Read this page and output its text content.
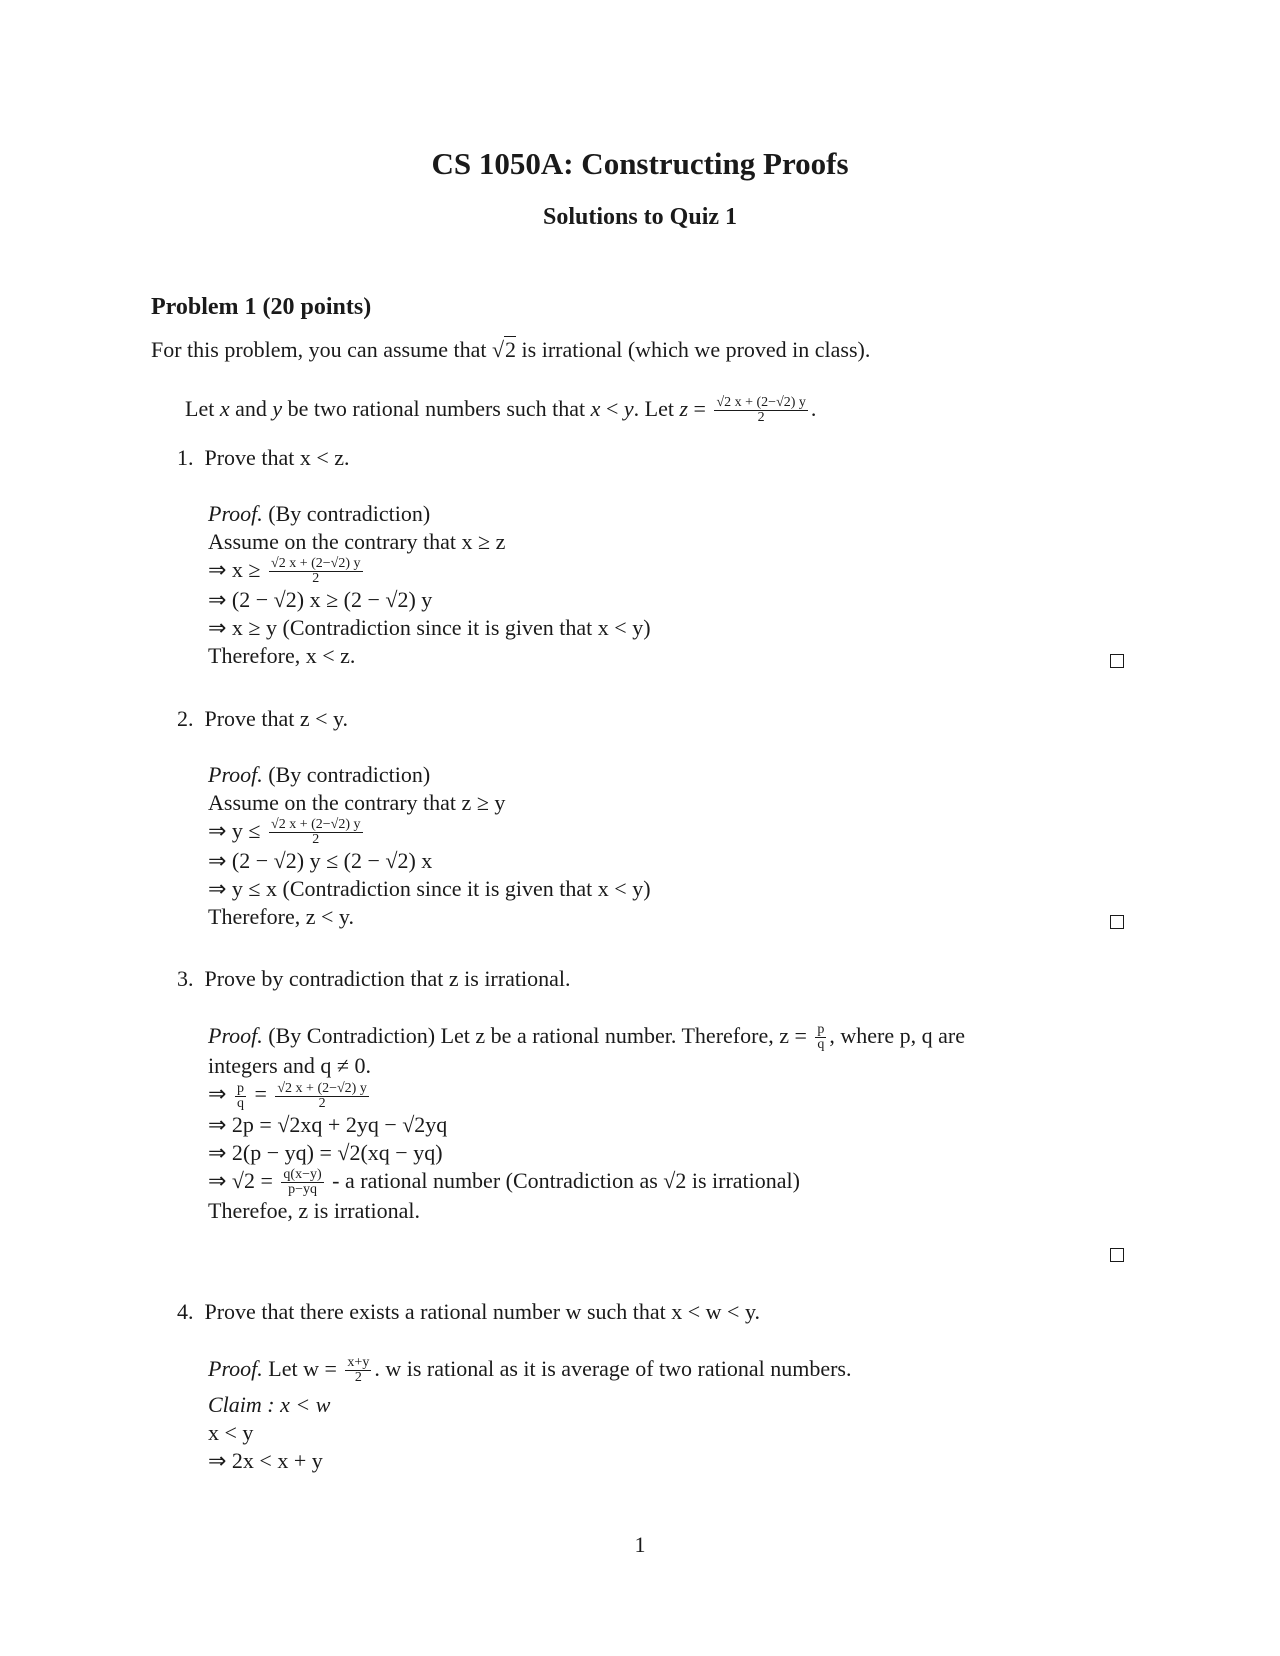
CS 1050A: Constructing Proofs
Solutions to Quiz 1
Problem 1 (20 points)
For this problem, you can assume that √2 is irrational (which we proved in class).
Let x and y be two rational numbers such that x < y. Let $z = \frac{√2 x + (2-√2) y}{2}$ .
1. Prove that x < z.
Proof. (By contradiction)
Assume on the contrary that x ≥ z
⇒ $x \ge \frac{√2 x + (2-√2) y}{2}$
⇒ (2 − √2) x ≥ (2 − √2) y
⇒ x ≥ y (Contradiction since it is given that x < y)
Therefore, x < z.
2. Prove that z < y.
Proof. (By contradiction)
Assume on the contrary that z ≥ y
⇒ $y \le \frac{√2 x + (2-√2) y}{2}$
⇒ (2 − √2) y ≤ (2 − √2) x
⇒ y ≤ x (Contradiction since it is given that x < y)
Therefore, z < y.
3. Prove by contradiction that z is irrational.
Proof. (By Contradiction) Let z be a rational number. Therefore, $z = \frac{p}{q}$ , where p, q are
integers and q ≠ 0.
⇒ $\frac{p}{q} = \frac{√2 x + (2-√2) y}{2}$
⇒ 2p = √2xq + 2yq − √2yq
⇒ 2(p − yq) = √2(xq − yq)
⇒ $√2 = \frac{q(x-y)}{p-yq} - a$ rational number (Contradiction as √2 is irrational)
Therefoe, z is irrational.
4. Prove that there exists a rational number w such that x < w < y.
Proof. Let $w = \frac{x+y}{2}$ . w is rational as it is average of two rational numbers.
Claim : x < w
x < y
⇒ 2x < x + y
1
